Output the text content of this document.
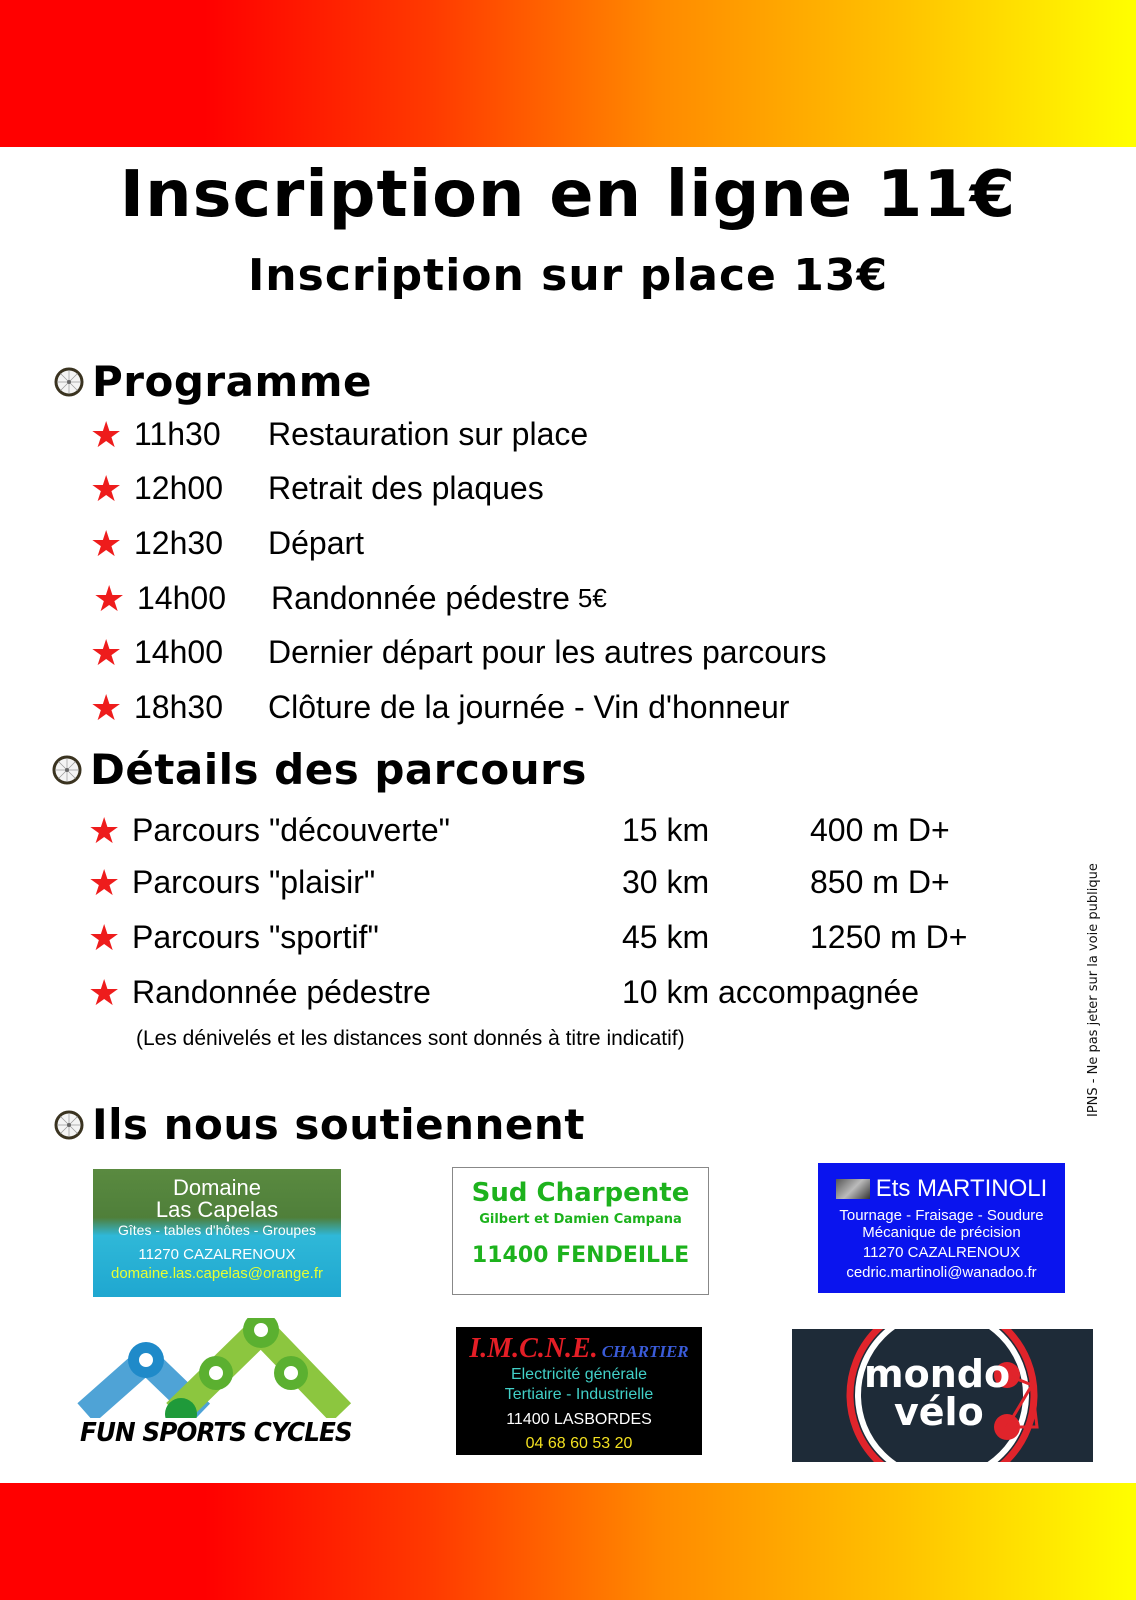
Inscription en ligne 11€
Inscription sur place 13€
Programme
★ 11h30	Restauration sur place
★ 12h00	Retrait des plaques
★ 12h30	Départ
★ 14h00	Randonnée pédestre 5€
★ 14h00	Dernier départ pour les autres parcours
★ 18h30	Clôture de la journée - Vin d'honneur
Détails des parcours
★ Parcours "découverte"	15 km	400 m D+
★ Parcours "plaisir"	30 km	850 m D+
★ Parcours "sportif"	45 km	1250 m D+
★ Randonnée pédestre	10 km accompagnée
(Les dénivelés et les distances sont donnés à titre indicatif)	IPNS - Ne pas jeter sur la voie publique
Ils nous soutiennent
Domaine
Las Capelas
Gîtes - tables d'hôtes - Groupes
11270 CAZALRENOUX
domaine.las.capelas@orange.fr
Sud Charpente
Gilbert et Damien Campana
11400 FENDEILLE
Ets MARTINOLI
Tournage - Fraisage - Soudure
Mécanique de précision
11270 CAZALRENOUX
cedric.martinoli@wanadoo.fr
FUN SPORTS CYCLES
I.M.C.N.E. CHARTIER
Electricité générale
Tertiaire - Industrielle
11400 LASBORDES
04 68 60 53 20
mondo
vélo
